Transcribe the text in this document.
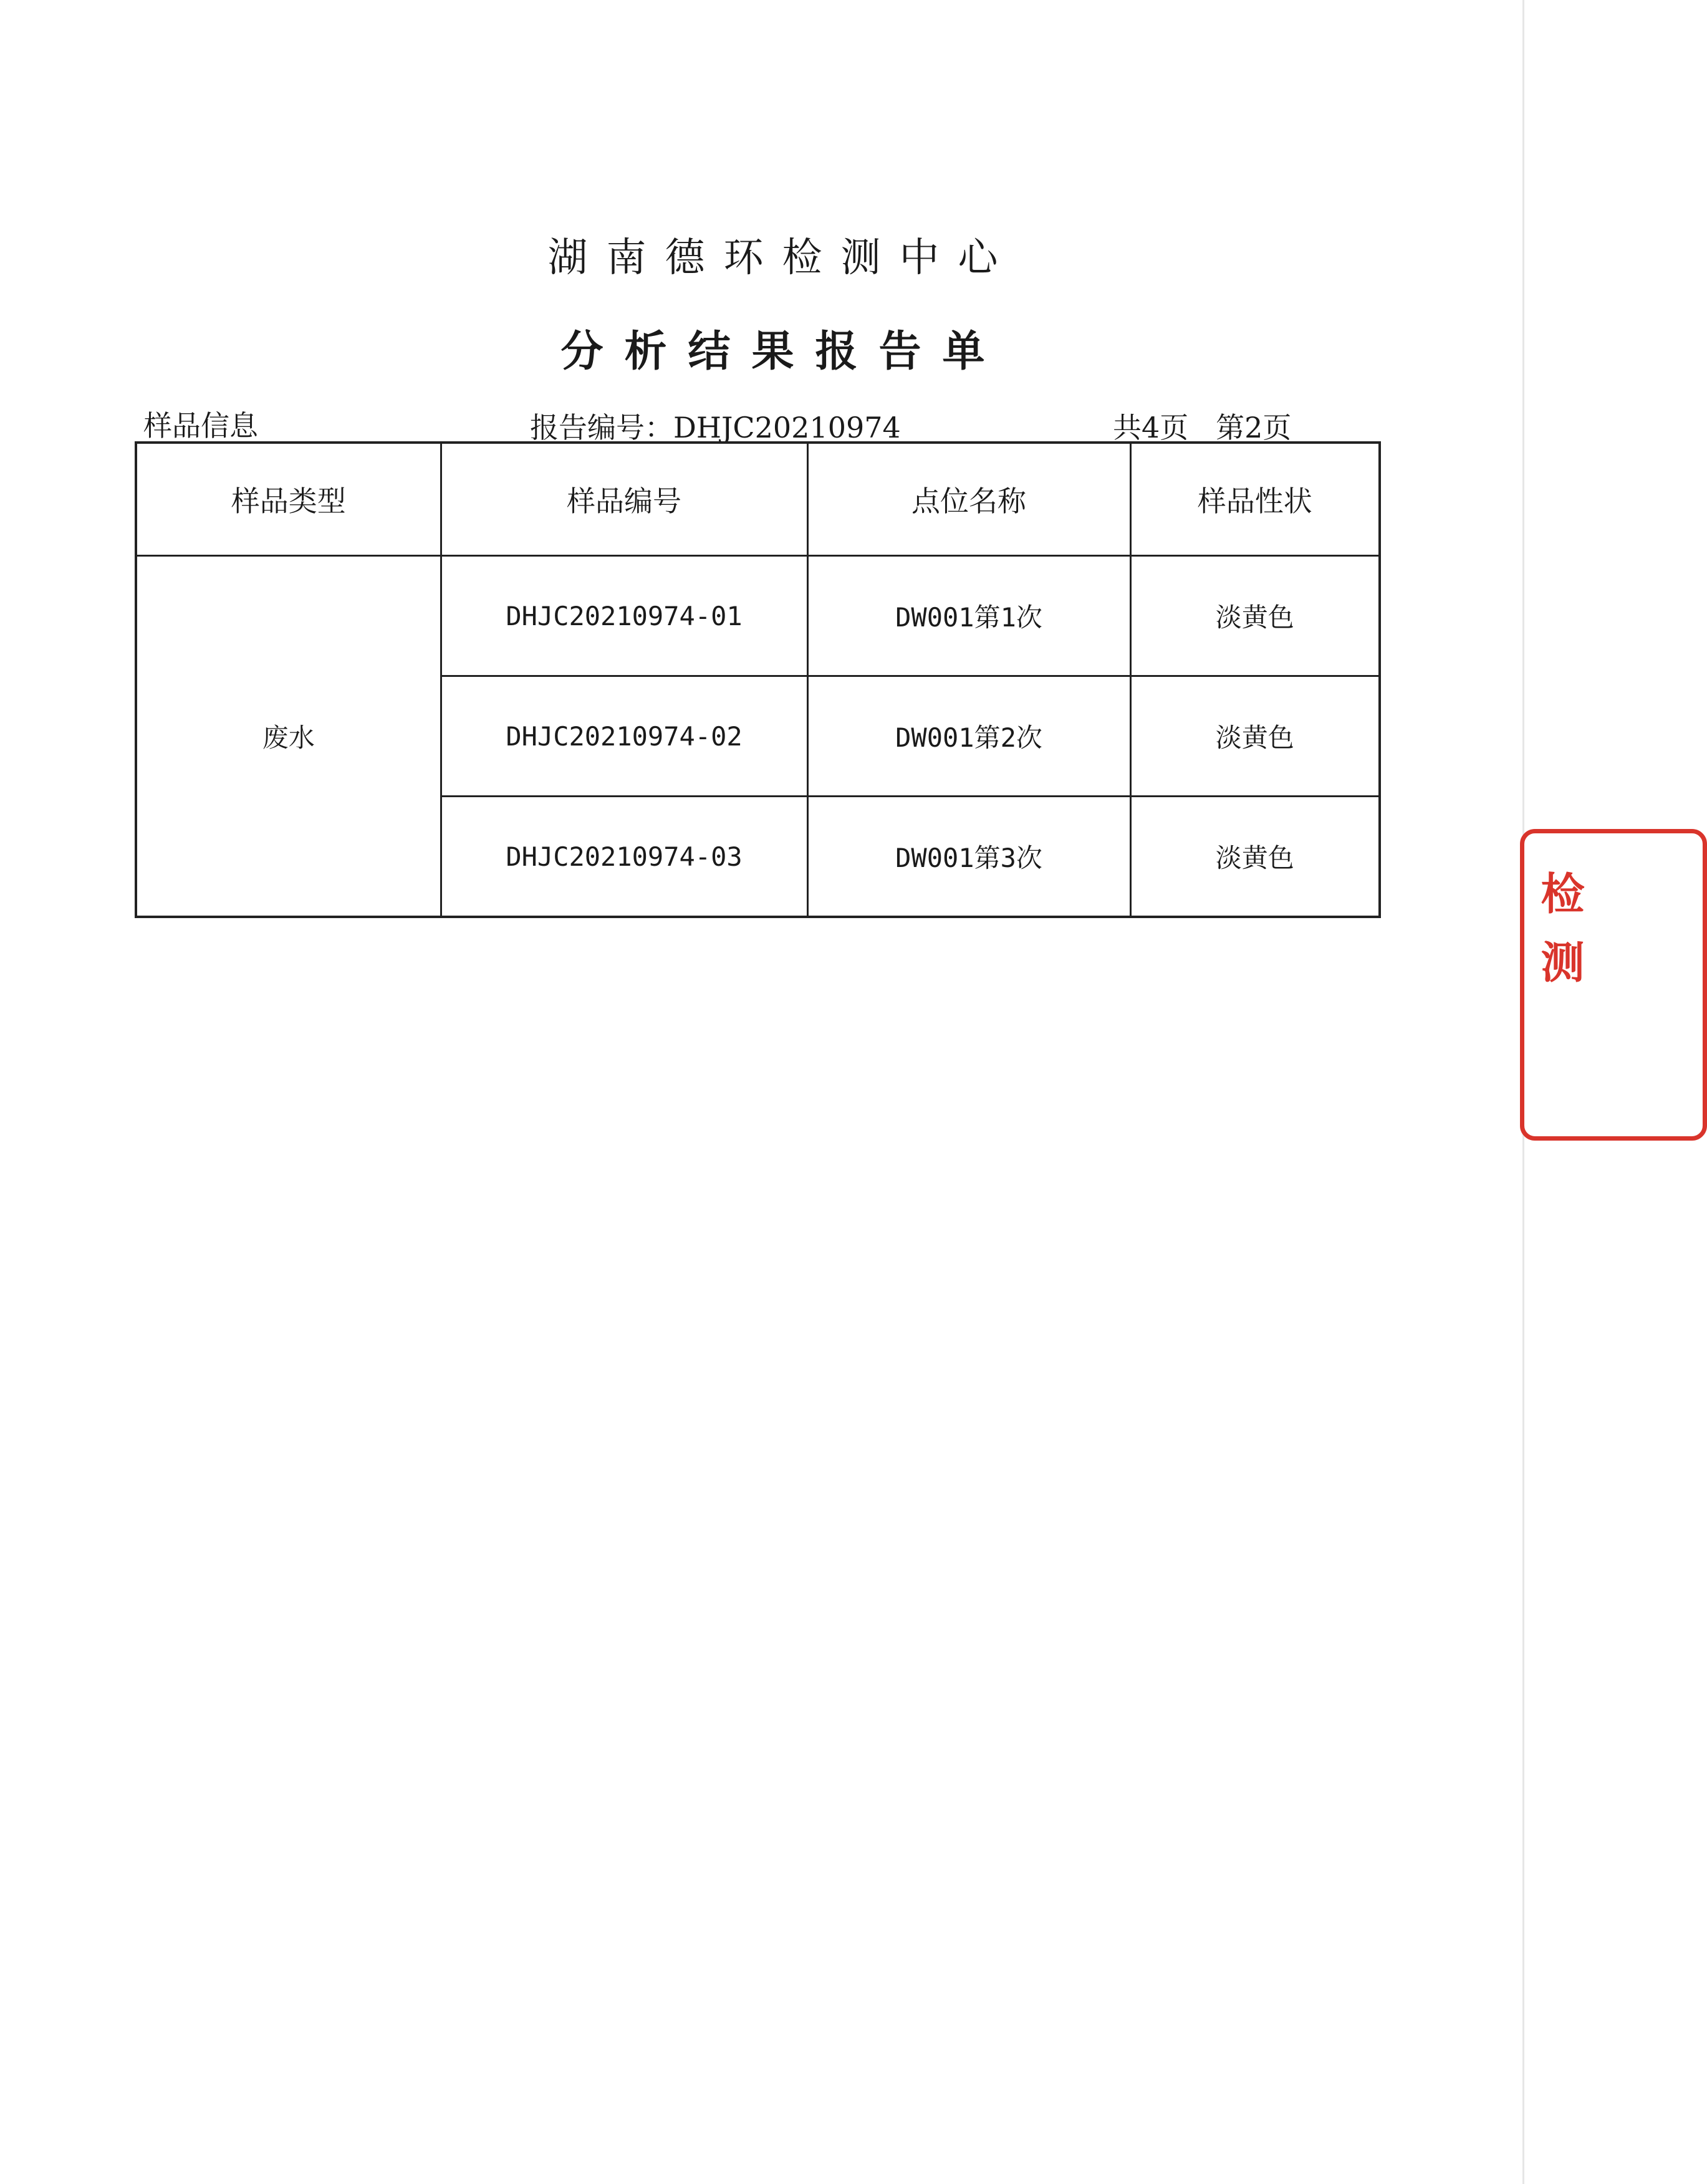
湖南德环检测中心
分析结果报告单
样品信息	报告编号：DHJC20210974	共4页   第2页
样品类型	样品编号	点位名称	样品性状
废水	DHJC20210974-01	DW001第1次	淡黄色
	DHJC20210974-02	DW001第2次	淡黄色
	DHJC20210974-03	DW001第3次	淡黄色
检测
